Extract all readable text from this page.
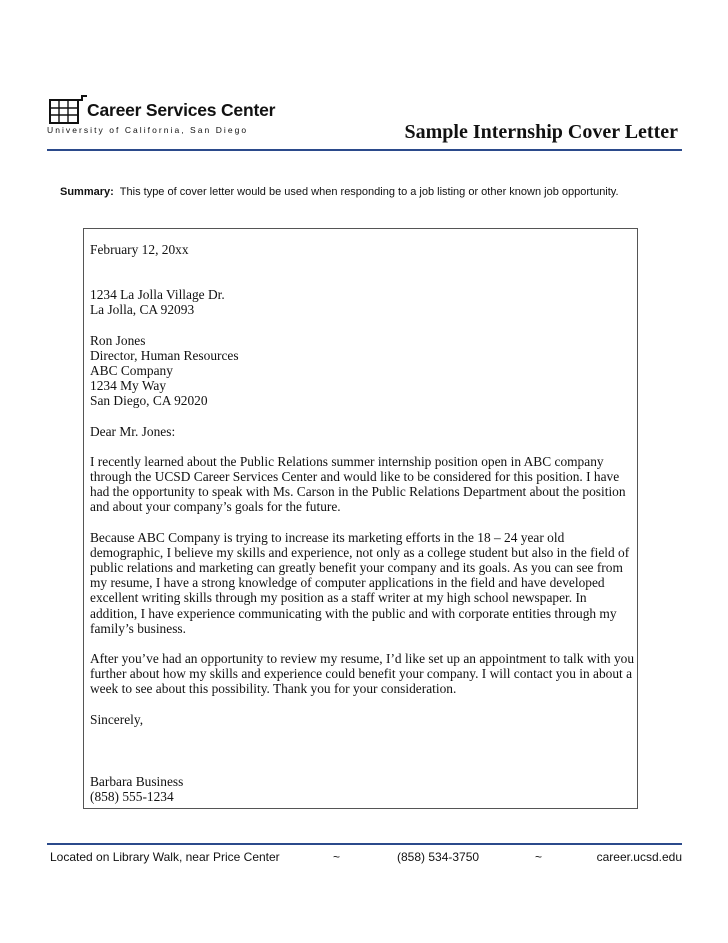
Career Services Center
University of California, San Diego	Sample Internship Cover Letter
Summary: This type of cover letter would be used when responding to a job listing or other known job opportunity.

February 12, 20xx

1234 La Jolla Village Dr.

La Jolla, CA 92093

Ron Jones

Director, Human Resources

ABC Company

1234 My Way

San Diego, CA 92020

Dear Mr. Jones:

I recently learned about the Public Relations summer internship position open in ABC company through the UCSD Career Services Center and would like to be considered for this position. I have had the opportunity to speak with Ms. Carson in the Public Relations Department about the position and about your company’s goals for the future.

Because ABC Company is trying to increase its marketing efforts in the 18 – 24 year old demographic, I believe my skills and experience, not only as a college student but also in the field of public relations and marketing can greatly benefit your company and its goals. As you can see from my resume, I have a strong knowledge of computer applications in the field and have developed excellent writing skills through my position as a staff writer at my high school newspaper. In addition, I have experience communicating with the public and with corporate entities through my family’s business.

After you’ve had an opportunity to review my resume, I’d like set up an appointment to talk with you further about how my skills and experience could benefit your company. I will contact you in about a week to see about this possibility. Thank you for your consideration.

Sincerely,

Barbara Business

(858) 555-1234

Located on Library Walk, near Price Center	~	(858) 534-3750	~	career.ucsd.edu
